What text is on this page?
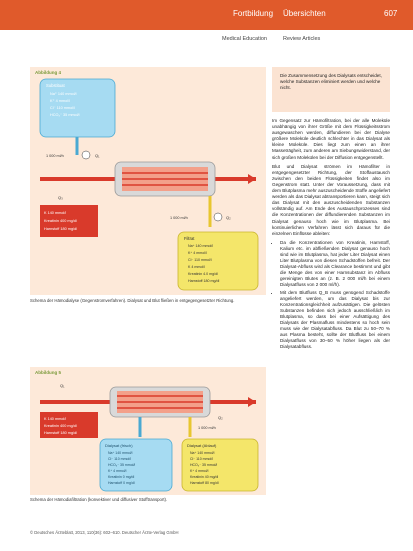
Fortbildung Übersichten	607
Medical Education	Review Articles
Abbildung 4
Substituat
Na⁺ 140 mmol/l
K⁺ 4 mmol/l
Cl⁻ 110 mmol/l
HCO₃⁻ 35 mmol/l
1 000 ml/h	Q₁
Q₂
1 000 ml/h
K 140 mmol/l
Kreatinin 400 mg/dl
Harnstoff 180 mg/dl
Q₃
Filtrat
Na⁺ 140 mmol/l
K⁺ 4 mmol/l
Cl⁻ 110 mmol/l
K 4 mmol/l
Kreatinin 4.0 mg/dl
Harnstoff 180 mg/dl
Schema der Hämodialyse (Gegenstromverfahren). Dialysat und Blut fließen in entgegengesetzter Richtung.
Abbildung 5
Q₁
K 140 mmol/l
Kreatinin 400 mg/dl
Harnstoff 180 mg/dl
1 000 ml/h
Q₂
Dialysat (frisch)
Na⁺ 140 mmol/l
Cl⁻ 110 mmol/l
HCO₃⁻ 35 mmol/l
K⁺ 4 mmol/l
Kreatinin 0 mg/dl
Harnstoff 0 mg/dl
Dialysat (Ablauf)
Na⁺ 140 mmol/l
Cl⁻ 110 mmol/l
HCO₃⁻ 35 mmol/l
K⁺ 4 mmol/l
Kreatinin 40 mg/dl
Harnstoff 80 mg/dl
Schema der Hämodiafiltration (konvektiver und diffusiver Stofftransport).
Die Zusammensetzung des Dialysats entscheidet, welche Substanzen eliminiert werden und welche nicht.

Im Gegensatz zur Hämofiltration, bei der alle Moleküle unabhängig von ihrer Größe mit dem Flüssigkeitsstrom ausgewaschen werden, diffundieren bei der Dialyse größere Moleküle deutlich schlechter in das Dialysat als kleine Moleküle. Dies liegt zum einen an ihrer Masseträgheit, zum anderen am Siebungswiderstand, der sich großen Molekülen bei der Diffusion entgegenstellt.

Blut und Dialysat strömen im Hämofilter in entgegengesetzter Richtung, der Stoffaustausch zwischen den beiden Flüssigkeiten findet also im Gegenstrom statt. Unter der Voraussetzung, dass mit dem Blutplasma mehr auszuscheidende Stoffe angeliefert werden als das Dialysat abtransportieren kann, steigt sich das Dialysat mit den auszuscheidenden Substanzen vollständig auf. Am Ende des Austauschprozesses sind die Konzentrationen der diffundierenden Substanzen im Dialysat genauso hoch wie im Blutplasma. Bei kontinuierlichen Verfahren lässt sich daraus für die einzelnen Einflüsse ableiten:

• Da die Konzentrationen von Kreatinin, Harnstoff, Kalium etc. im abfließenden Dialysat genauso hoch sind wie im Blutplasma, hat jeder Liter Dialysat einen Liter Blutplasma von diesen Schadstoffen befreit. Der Dialysat-Abfluss wird als Clearance bestimmt und gibt die Menge des von einer Harnsubstanz im Abfluss gereinigten Blutes an (z. B. 2 000 ml/h bei einem Dialysatfluss von 2 000 ml/h).
• Mit dem Blutfluss Q_B muss genügend Schadstoffe angeliefert werden, um das Dialysat bis zur Konzentrationsgleichheit aufzusättigen. Die gelösten Substanzen befinden sich jedoch ausschließlich im Blutplasma, so dass bei einer Aufsättigung des Dialysats der Plasmafluss mindestens so hoch sein muss wie der Dialysatabfluss. Da Blut zu 50–70 % aus Plasma besteht, sollte der Blutfluss bei einem Dialysatfluss von 30–50 % höher liegen als der Dialysatabfluss.
© Deutsches Ärzteblatt, 2013, 110(36): 602–610. Deutscher Ärzte-Verlag GmbH
